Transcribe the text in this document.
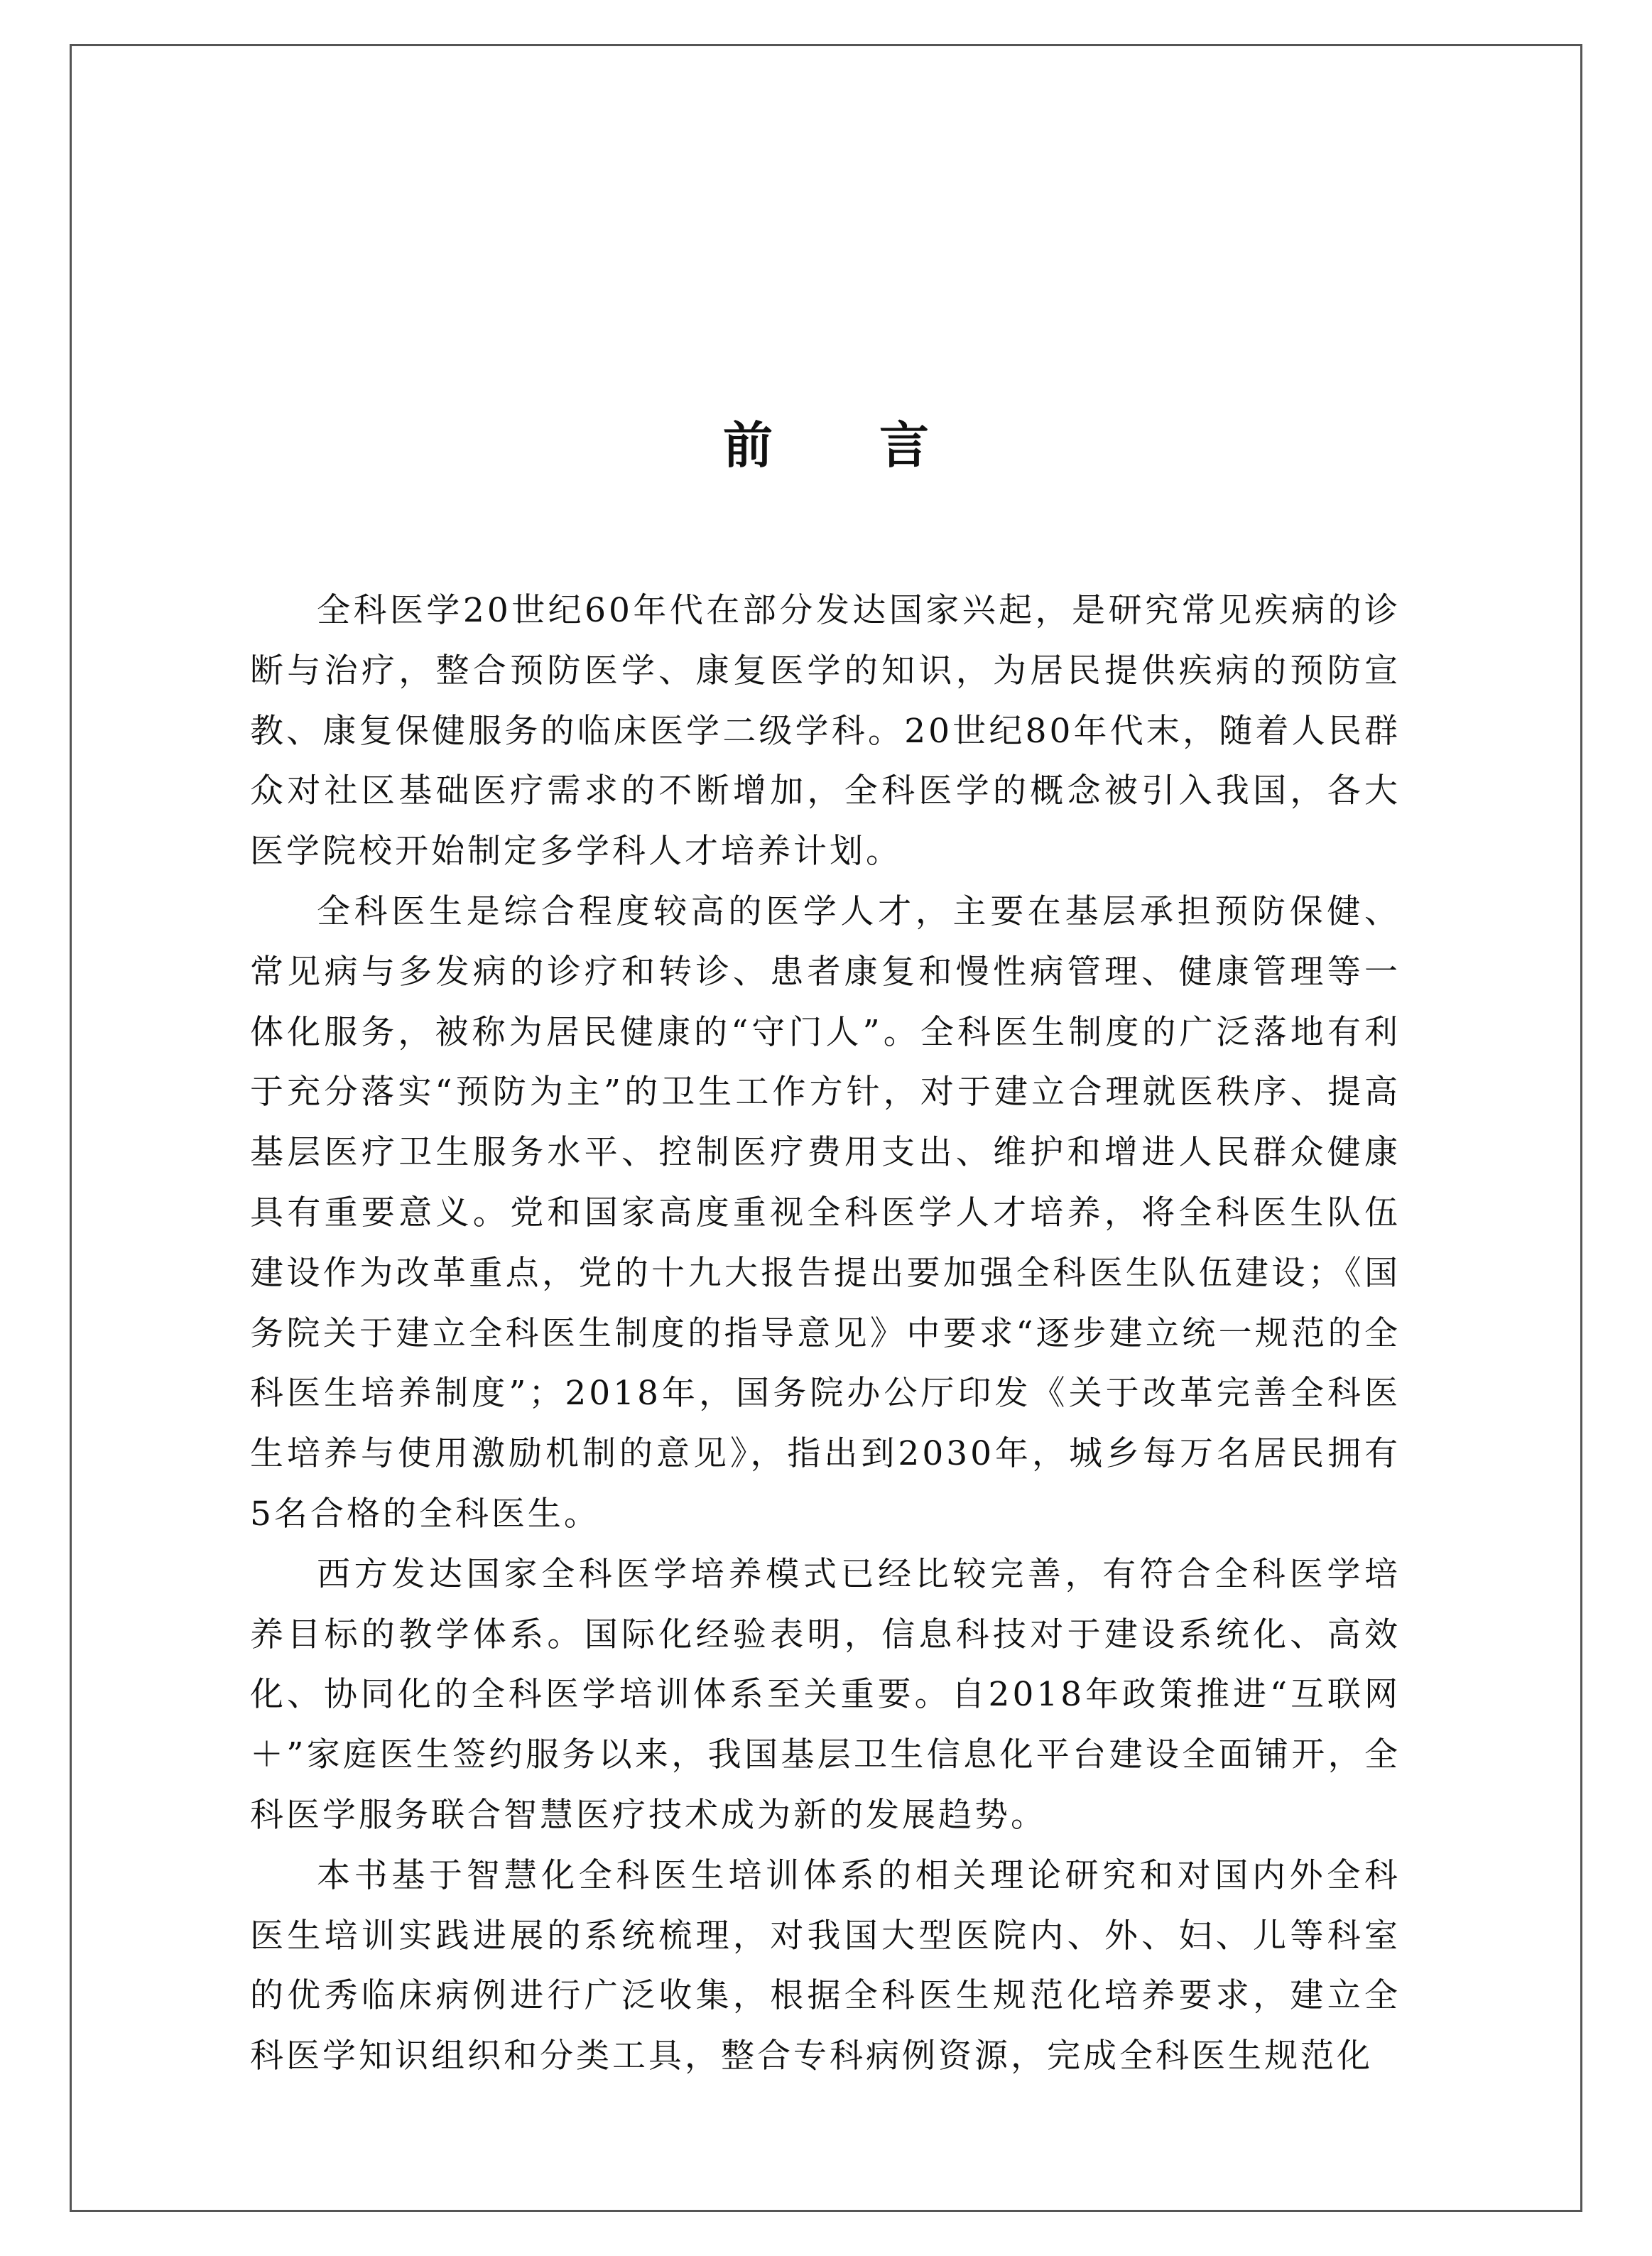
前言

全科医学20世纪60年代在部分发达国家兴起，是研究常见疾病的诊断与治疗，整合预防医学、康复医学的知识，为居民提供疾病的预防宣教、康复保健服务的临床医学二级学科。20世纪80年代末，随着人民群众对社区基础医疗需求的不断增加，全科医学的概念被引入我国，各大医学院校开始制定多学科人才培养计划。

全科医生是综合程度较高的医学人才，主要在基层承担预防保健、常见病与多发病的诊疗和转诊、患者康复和慢性病管理、健康管理等一体化服务，被称为居民健康的“守门人”。全科医生制度的广泛落地有利于充分落实“预防为主”的卫生工作方针，对于建立合理就医秩序、提高基层医疗卫生服务水平、控制医疗费用支出、维护和增进人民群众健康具有重要意义。党和国家高度重视全科医学人才培养，将全科医生队伍建设作为改革重点，党的十九大报告提出要加强全科医生队伍建设；《国务院关于建立全科医生制度的指导意见》中要求“逐步建立统一规范的全科医生培养制度”；2018年，国务院办公厅印发《关于改革完善全科医生培养与使用激励机制的意见》，指出到2030年，城乡每万名居民拥有5名合格的全科医生。

西方发达国家全科医学培养模式已经比较完善，有符合全科医学培养目标的教学体系。国际化经验表明，信息科技对于建设系统化、高效化、协同化的全科医学培训体系至关重要。自2018年政策推进“互联网＋”家庭医生签约服务以来，我国基层卫生信息化平台建设全面铺开，全科医学服务联合智慧医疗技术成为新的发展趋势。

本书基于智慧化全科医生培训体系的相关理论研究和对国内外全科医生培训实践进展的系统梳理，对我国大型医院内、外、妇、儿等科室的优秀临床病例进行广泛收集，根据全科医生规范化培养要求，建立全科医学知识组织和分类工具，整合专科病例资源，完成全科医生规范化
